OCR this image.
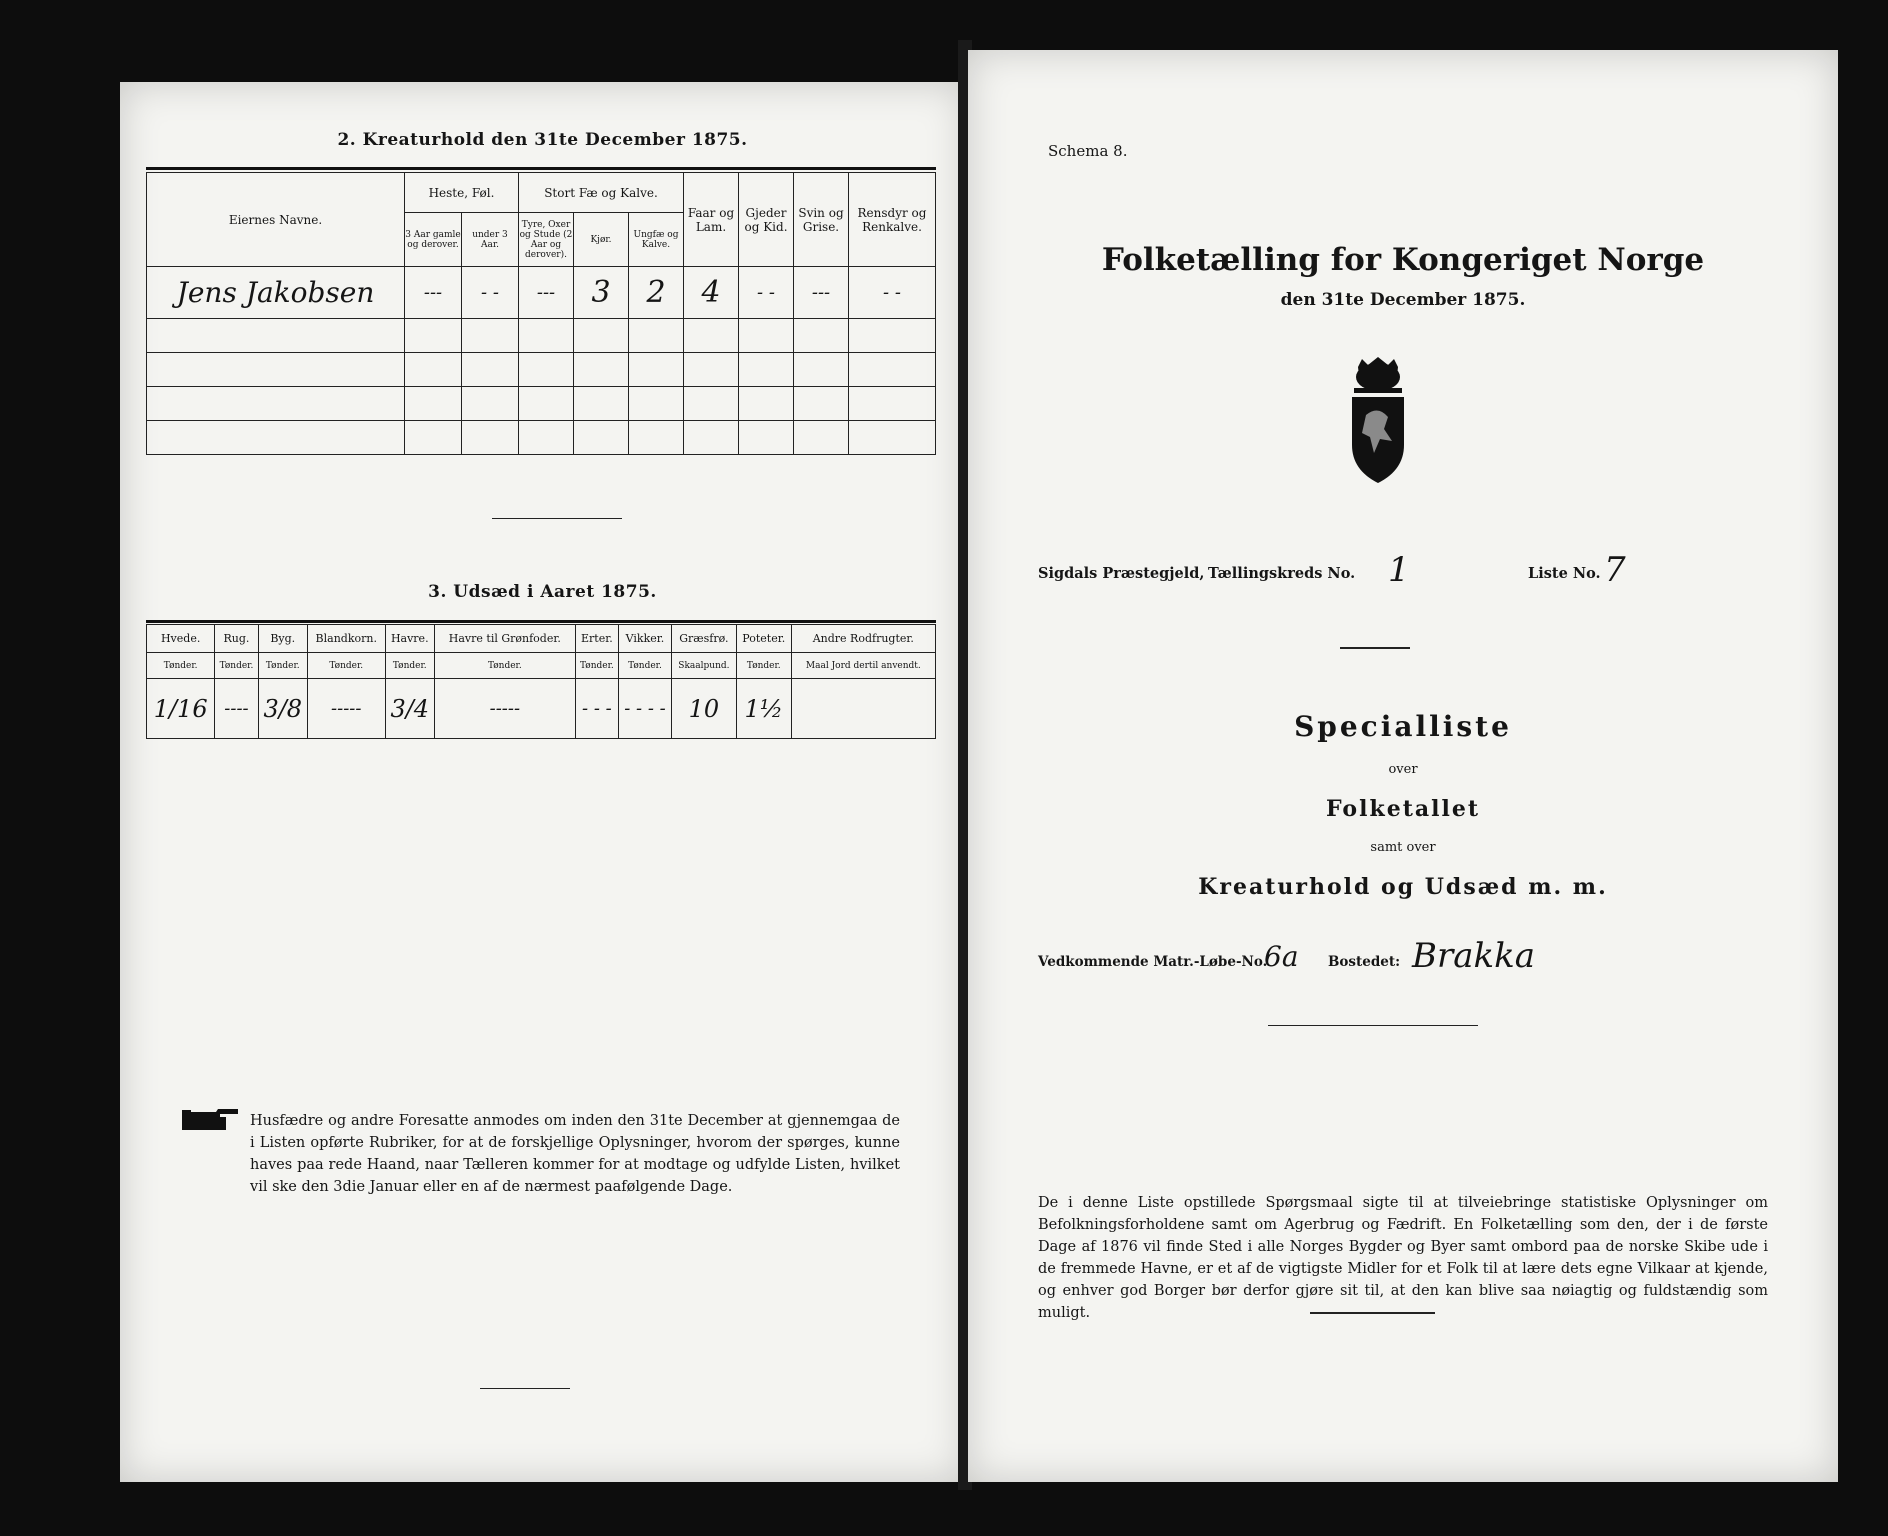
2. Kreaturhold den 31te December 1875.
Eiernes Navne.	Heste, Føl.		Stort Fæ og Kalve.			Faar og Lam.	Gjeder og Kid.	Svin og Grise.	Rensdyr og Renkalve.
	3 Aar gamle og derover.	under 3 Aar.	Tyre, Oxer og Stude (2 Aar og derover).	Kjør.	Ungfæ og Kalve.				
Jens Jakobsen	---	- -	---	3	2	4	- -	---	- -

3. Udsæd i Aaret 1875.
Hvede.	Rug.	Byg.	Blandkorn.	Havre.	Havre til Grønfoder.	Erter.	Vikker.	Græsfrø.	Poteter.	Andre Rodfrugter.
Tønder.	Tønder.	Tønder.	Tønder.	Tønder.	Tønder.	Tønder.	Tønder.	Skaalpund.	Tønder.	Maal Jord dertil anvendt.
1/16	----	3/8	-----	3/4	-----	- - -	- - - -	10	1½	
Husfædre og andre Foresatte anmodes om inden den 31te December at gjennemgaa de i Listen opførte Rubriker, for at de forskjellige Oplysninger, hvorom der spørges, kunne haves paa rede Haand, naar Tælleren kommer for at modtage og udfylde Listen, hvilket vil ske den 3die Januar eller en af de nærmest paafølgende Dage.
Schema 8.
Folketælling for Kongeriget Norge
den 31te December 1875.
Sigdals Præstegjeld, Tællingskreds No. 1	Liste No. 7
Specialliste
over
Folketallet
samt over
Kreaturhold og Udsæd m. m.
Vedkommende Matr.-Løbe-No.
6a Bostedet: Brakka
De i denne Liste opstillede Spørgsmaal sigte til at tilveiebringe statistiske Oplysninger om Befolkningsforholdene samt om Agerbrug og Fædrift. En Folketælling som den, der i de første Dage af 1876 vil finde Sted i alle Norges Bygder og Byer samt ombord paa de norske Skibe ude i de fremmede Havne, er et af de vigtigste Midler for et Folk til at lære dets egne Vilkaar at kjende, og enhver god Borger bør derfor gjøre sit til, at den kan blive saa nøiagtig og fuldstændig som muligt.
